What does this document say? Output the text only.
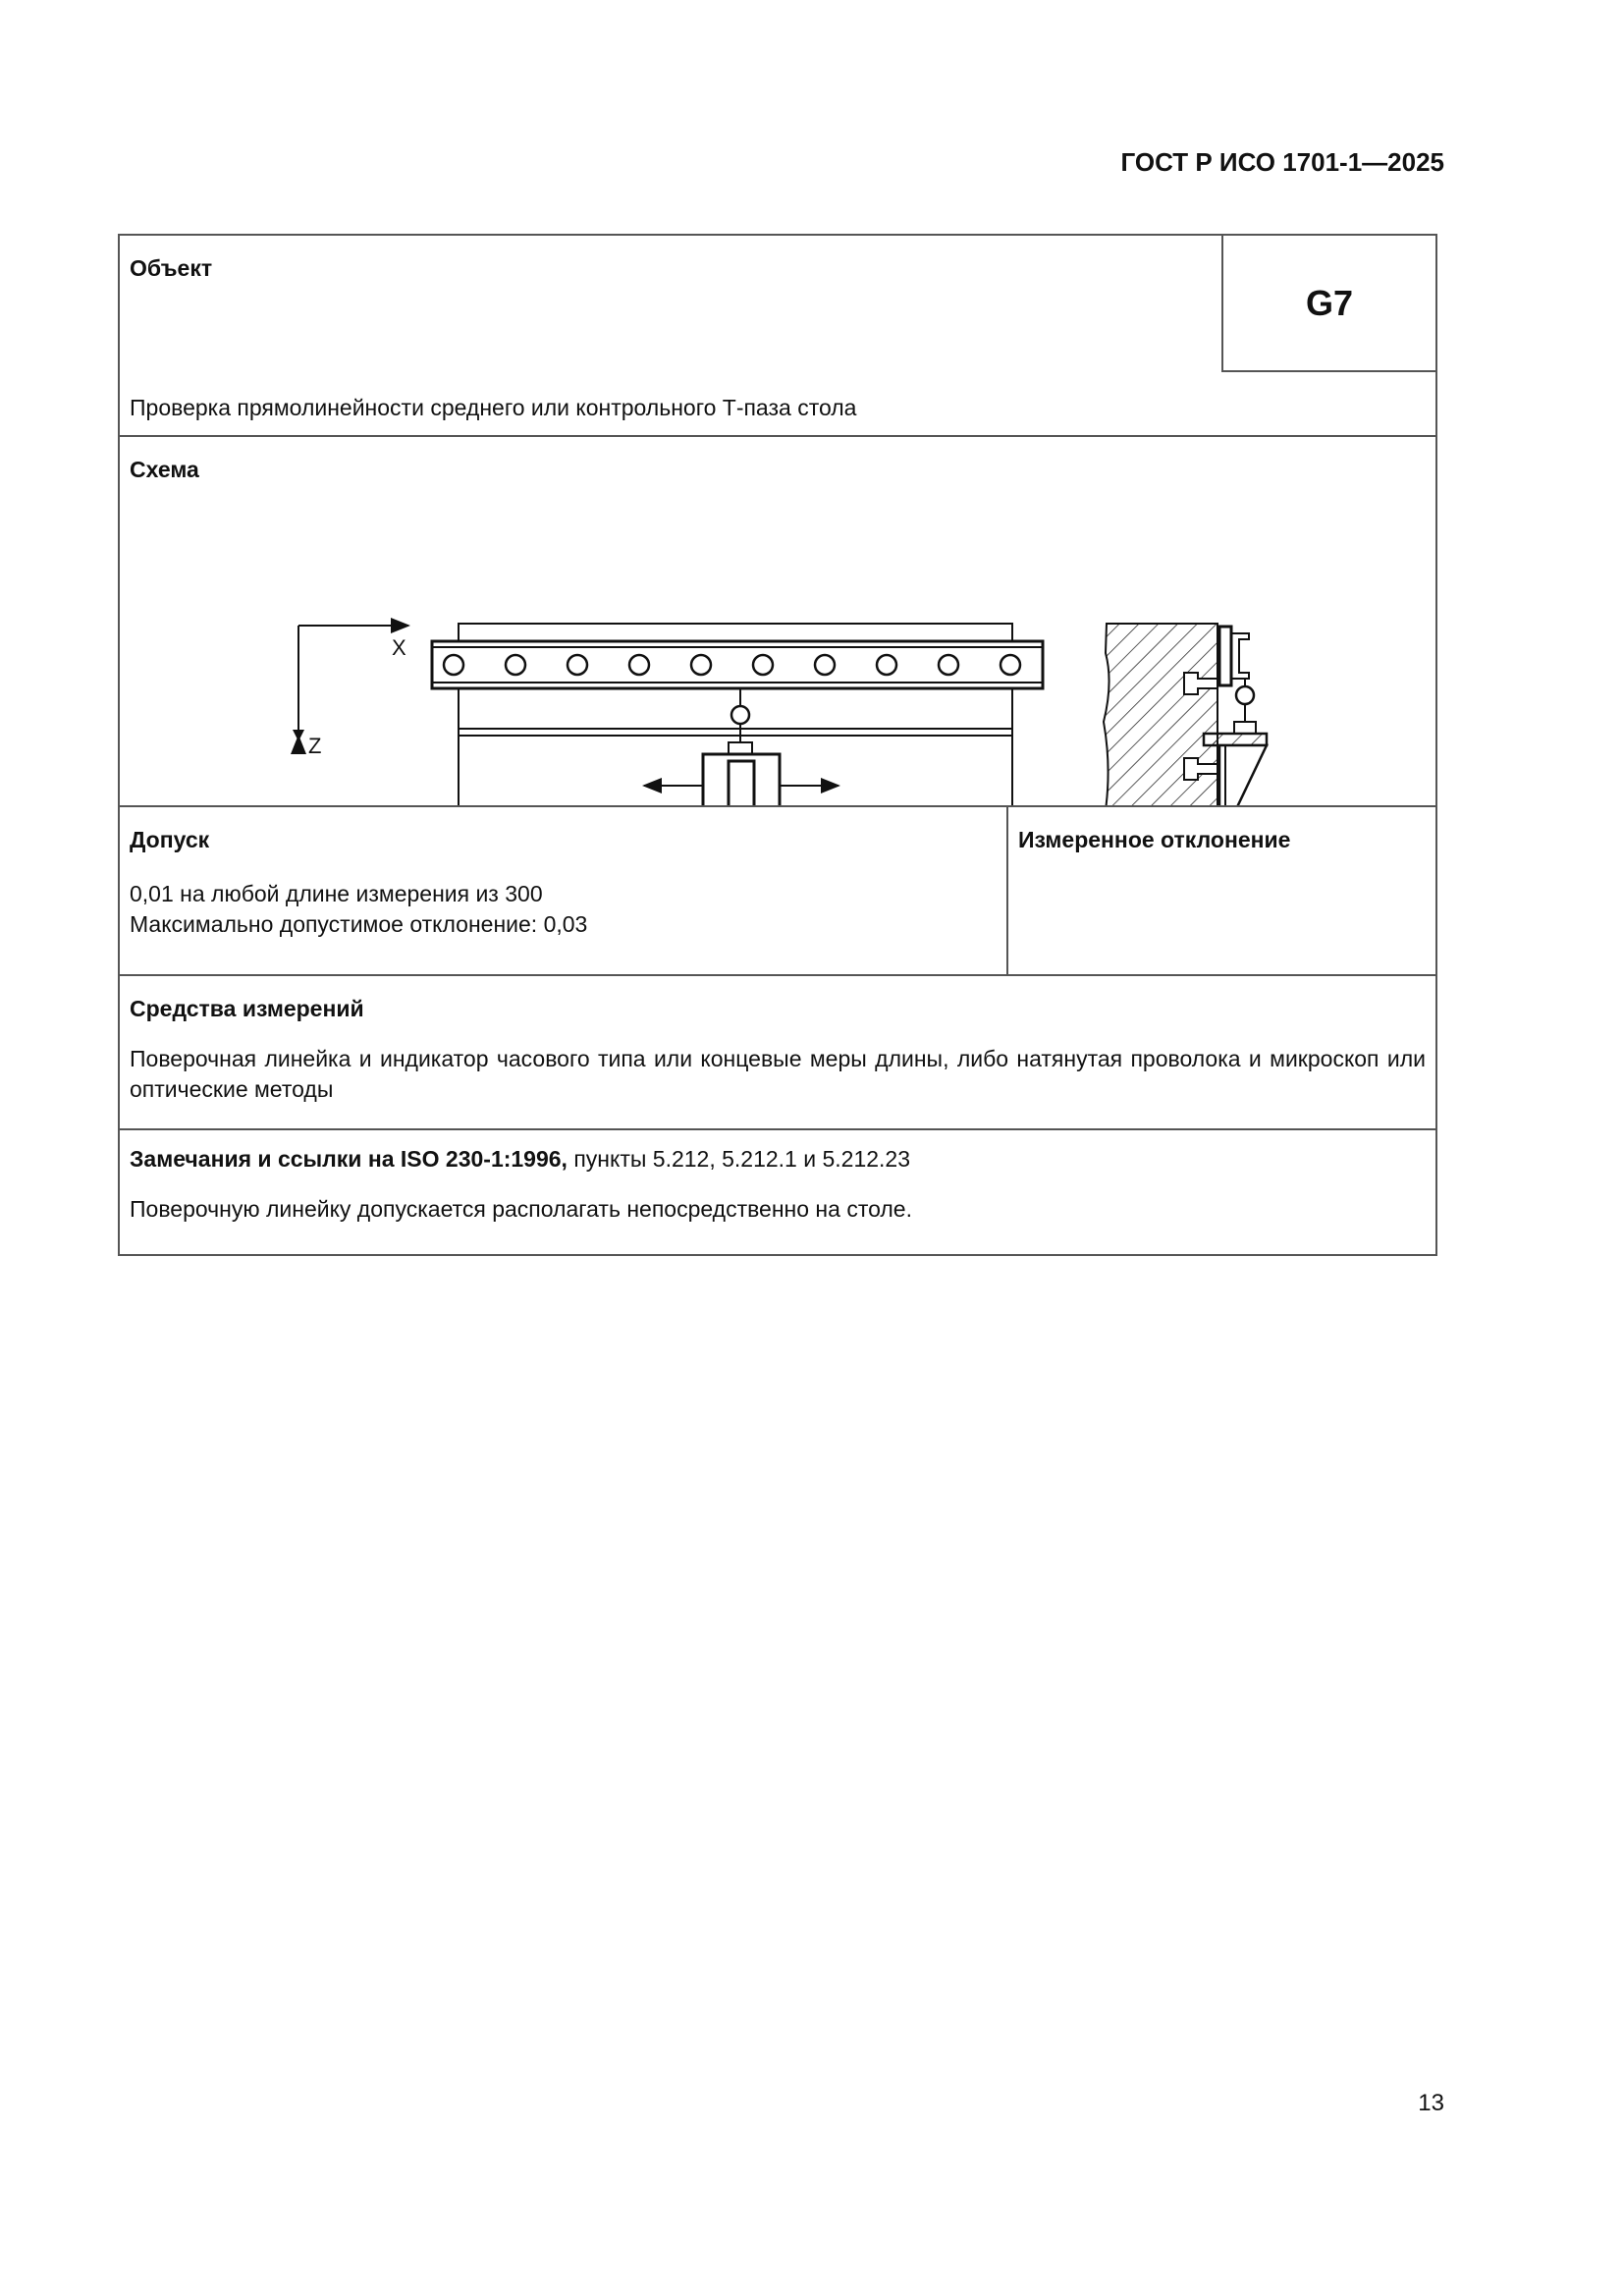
ГОСТ Р ИСО 1701-1—2025
Объект
G7
Проверка прямолинейности среднего или контрольного Т-паза стола
Схема
X
Z
Допуск
0,01 на любой длине измерения из 300
Максимально допустимое отклонение: 0,03
Измеренное отклонение
Средства измерений
Поверочная линейка и индикатор часового типа или концевые меры длины, либо натянутая проволока и микроскоп или оптические методы
Замечания и ссылки на ISO 230-1:1996, пункты 5.212, 5.212.1 и 5.212.23
Поверочную линейку допускается располагать непосредственно на столе.
13
